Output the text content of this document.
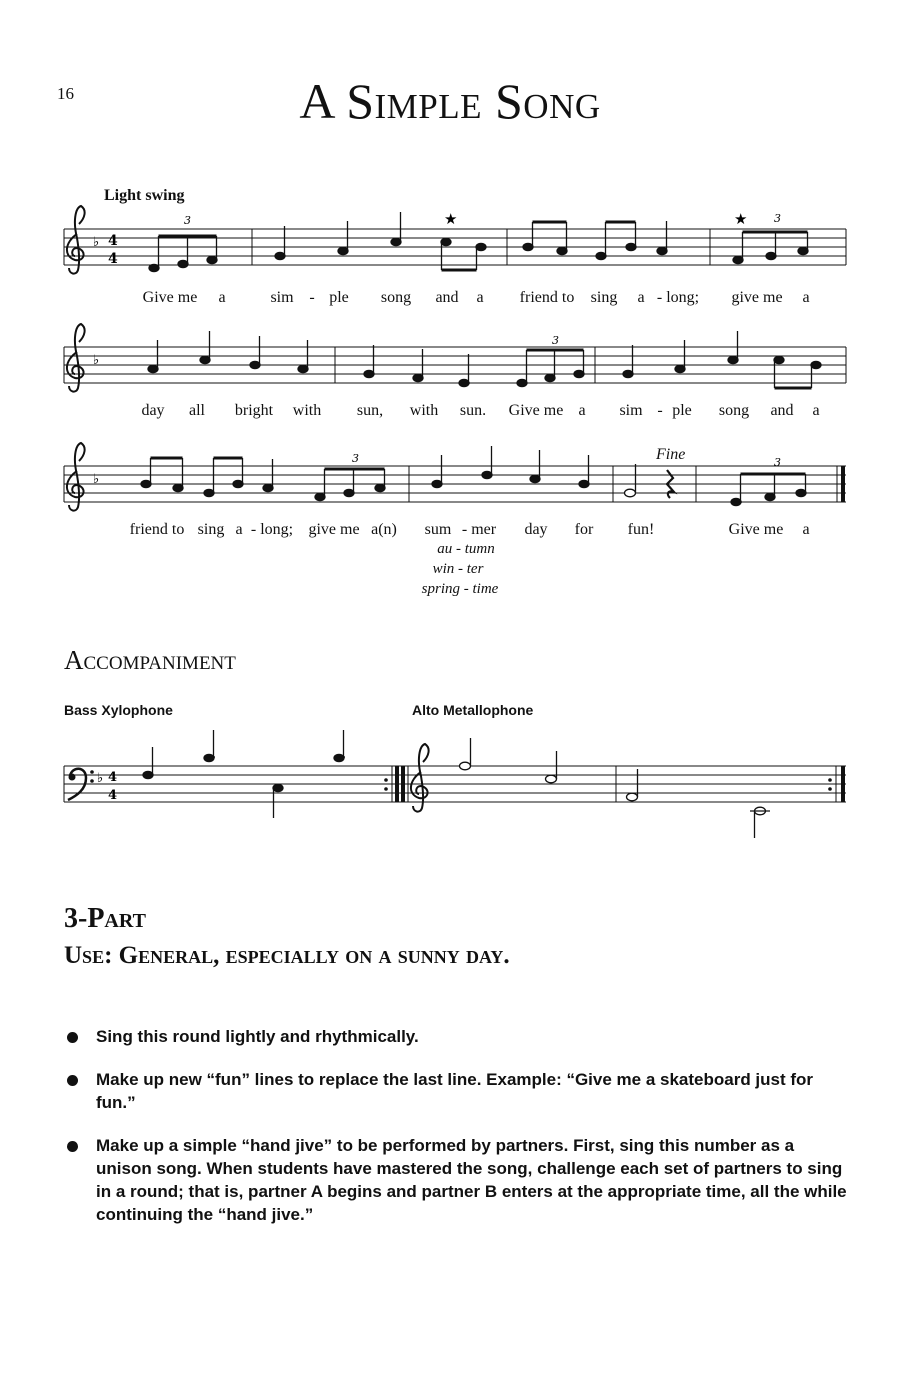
16	A Simple Song
Light swing
Fine
♭ 4
4
3	3
★	★
♭
3
♭
3	3
♭ 4
4
Give me a	sim - ple song and a friend to sing a - long; give me a
day all bright with sun, with sun. Give me a sim - ple song and a
friend to sing a - long; give me a(n) sum - mer day for fun!	Give me a
au - tumn
win - ter
spring - time
Accompaniment
Bass Xylophone	Alto Metallophone
3-Part
Use: General, especially on a sunny day.
Sing this round lightly and rhythmically.
Make up new “fun” lines to replace the last line. Example: “Give me a skateboard just for fun.”
Make up a simple “hand jive” to be performed by partners. First, sing this number as a unison song. When students have mastered the song, challenge each set of partners to sing in a round; that is, partner A begins and partner B enters at the appropriate time, all the while continuing the “hand jive.”
